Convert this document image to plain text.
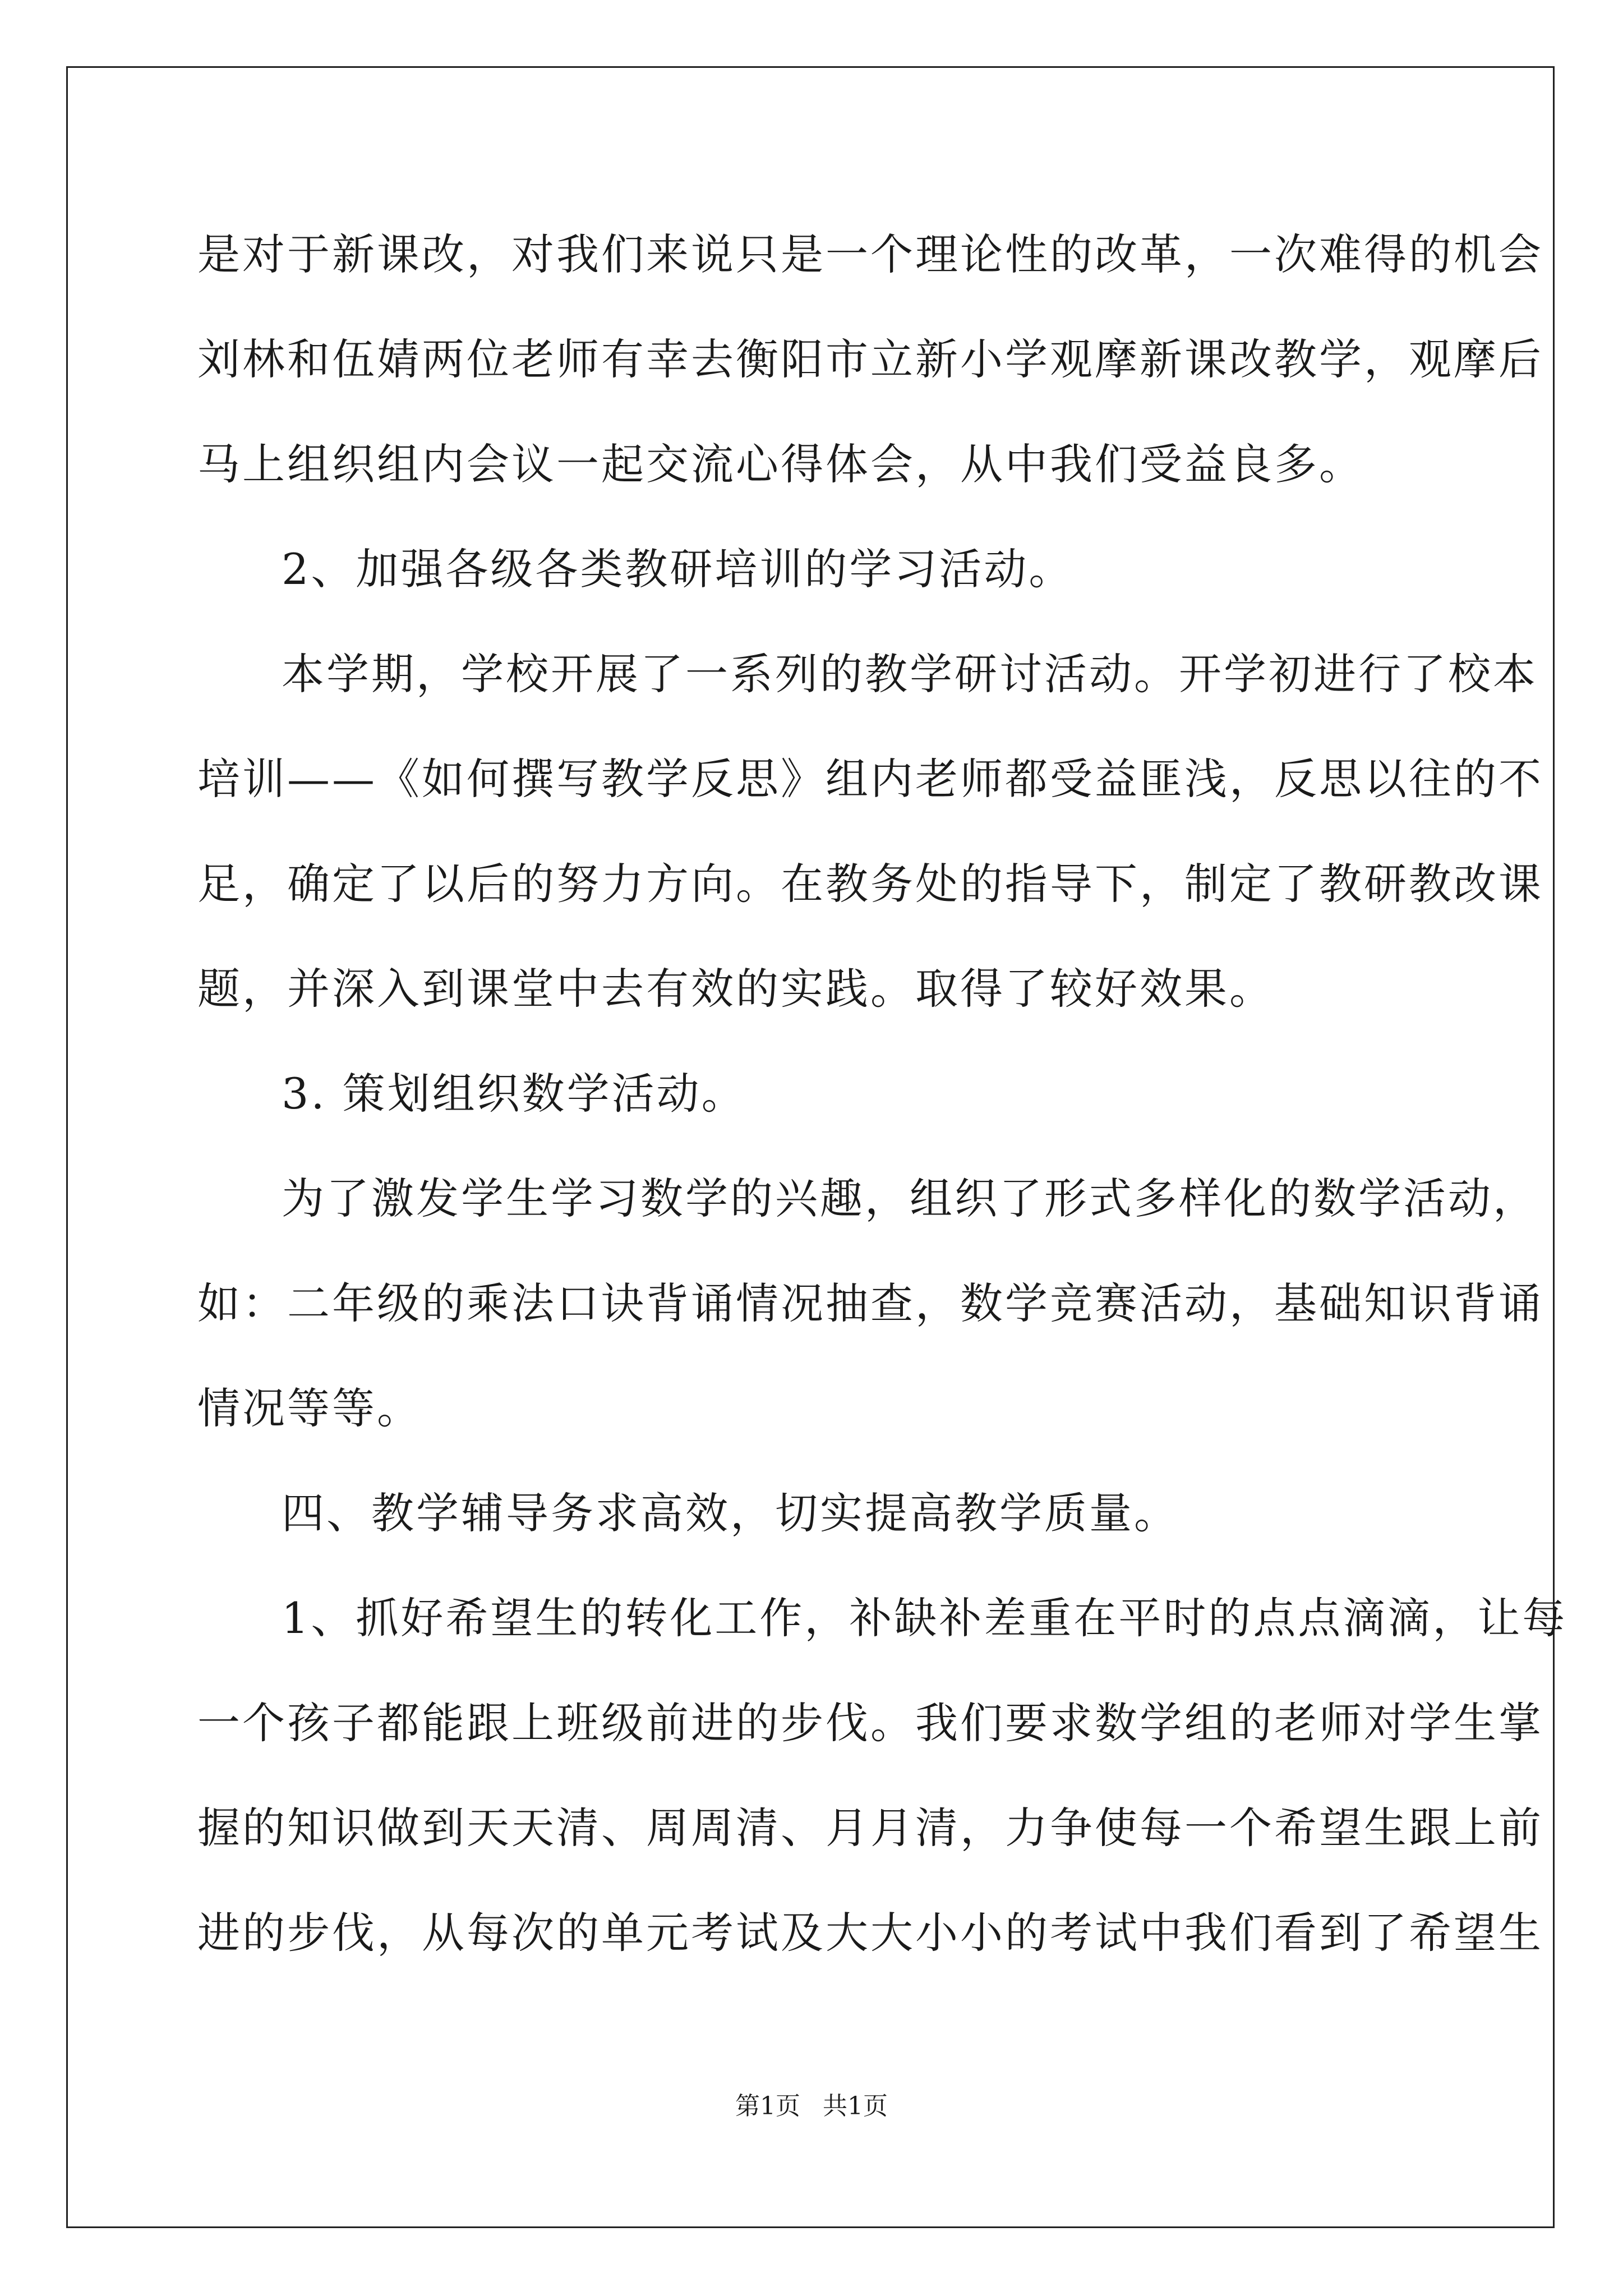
是对于新课改，对我们来说只是一个理论性的改革，一次难得的机会
刘林和伍婧两位老师有幸去衡阳市立新小学观摩新课改教学，观摩后
马上组织组内会议一起交流心得体会，从中我们受益良多。
2、加强各级各类教研培训的学习活动。
本学期，学校开展了一系列的教学研讨活动。开学初进行了校本
培训——《如何撰写教学反思》组内老师都受益匪浅，反思以往的不
足，确定了以后的努力方向。在教务处的指导下，制定了教研教改课
题，并深入到课堂中去有效的实践。取得了较好效果。
3. 策划组织数学活动。
为了激发学生学习数学的兴趣，组织了形式多样化的数学活动，
如：二年级的乘法口诀背诵情况抽查，数学竞赛活动，基础知识背诵
情况等等。
四、教学辅导务求高效，切实提高教学质量。
1、抓好希望生的转化工作，补缺补差重在平时的点点滴滴，让每
一个孩子都能跟上班级前进的步伐。我们要求数学组的老师对学生掌
握的知识做到天天清、周周清、月月清，力争使每一个希望生跟上前
进的步伐，从每次的单元考试及大大小小的考试中我们看到了希望生
第1页 共1页
